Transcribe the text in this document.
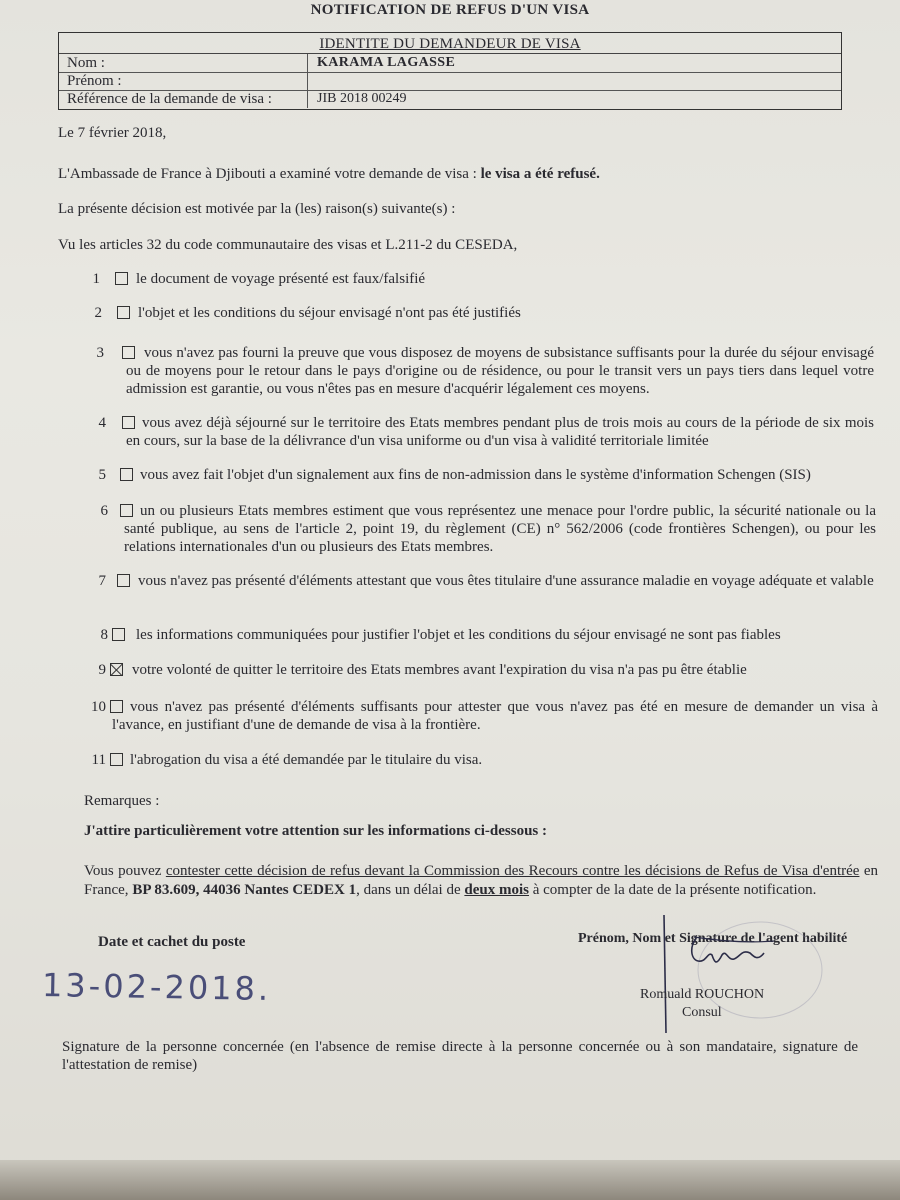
NOTIFICATION DE REFUS D'UN VISA
IDENTITE DU DEMANDEUR DE VISA
Nom :	KARAMA LAGASSE
Prénom :
Référence de la demande de visa :	JIB 2018 00249
Le 7 février 2018,
L'Ambassade de France à Djibouti a examiné votre demande de visa : le visa a été refusé.
La présente décision est motivée par la (les) raison(s) suivante(s) :
Vu les articles 32 du code communautaire des visas et L.211-2 du CESEDA,
1 le document de voyage présenté est faux/falsifié
2 l'objet et les conditions du séjour envisagé n'ont pas été justifiés
3	vous n'avez pas fourni la preuve que vous disposez de moyens de subsistance suffisants pour la durée du séjour envisagé ou de moyens pour le retour dans le pays d'origine ou de résidence, ou pour le transit vers un pays tiers dans lequel votre admission est garantie, ou vous n'êtes pas en mesure d'acquérir légalement ces moyens.
4	vous avez déjà séjourné sur le territoire des Etats membres pendant plus de trois mois au cours de la période de six mois en cours, sur la base de la délivrance d'un visa uniforme ou d'un visa à validité territoriale limitée
5 vous avez fait l'objet d'un signalement aux fins de non-admission dans le système d'information Schengen (SIS)
6	un ou plusieurs Etats membres estiment que vous représentez une menace pour l'ordre public, la sécurité nationale ou la santé publique, au sens de l'article 2, point 19, du règlement (CE) n° 562/2006 (code frontières Schengen), ou pour les relations internationales d'un ou plusieurs des Etats membres.
7	vous n'avez pas présenté d'éléments attestant que vous êtes titulaire d'une assurance maladie en voyage adéquate et valable
8 les informations communiquées pour justifier l'objet et les conditions du séjour envisagé ne sont pas fiables
9 votre volonté de quitter le territoire des Etats membres avant l'expiration du visa n'a pas pu être établie
10	vous n'avez pas présenté d'éléments suffisants pour attester que vous n'avez pas été en mesure de demander un visa à l'avance, en justifiant d'une de demande de visa à la frontière.
11 l'abrogation du visa a été demandée par le titulaire du visa.
Remarques :
J'attire particulièrement votre attention sur les informations ci-dessous :
Vous pouvez contester cette décision de refus devant la Commission des Recours contre les décisions de Refus de Visa d'entrée en France, BP 83.609, 44036 Nantes CEDEX 1, dans un délai de deux mois à compter de la date de la présente notification.
Date et cachet du poste
13-02-2018.
Prénom, Nom et Signature de l'agent habilité
Romuald ROUCHON
Consul
Signature de la personne concernée (en l'absence de remise directe à la personne concernée ou à son mandataire, signature de l'attestation de remise)
